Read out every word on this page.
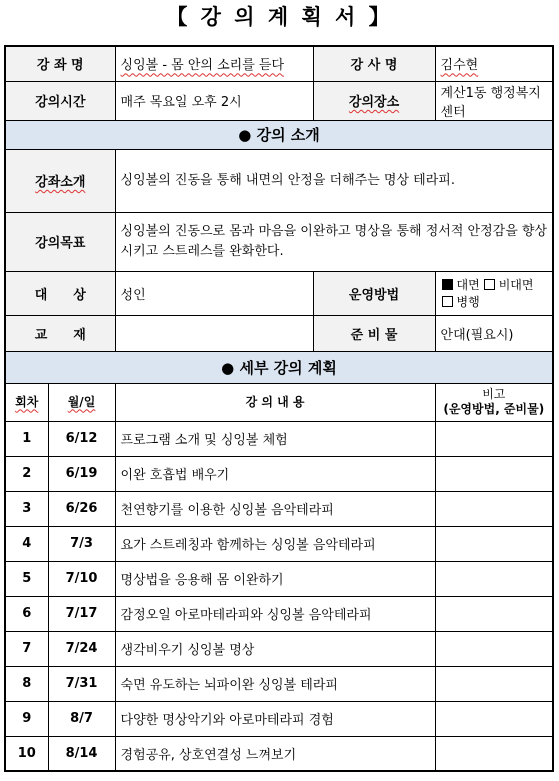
【 강 의 계 획 서 】
강 좌 명		싱잉볼 - 몸 안의 소리를 듣다	강 사 명	김수현
강의시간		매주 목요일 오후 2시	강의장소	계산1동 행정복지센터
● 강의 소개				
강좌소개		싱잉볼의 진동을 통해 내면의 안정을 더해주는 명상 테라피.		
강의목표		싱잉볼의 진동으로 몸과 마음을 이완하고 명상을 통해 정서적 안정감을 향상시키고 스트레스를 완화한다.		
대　　상		성인	운영방법	대면 비대면병행
교　　재			준 비 물	안대(필요시)
● 세부 강의 계획				
회차	월/일	강 의 내 용		비고
(운영방법, 준비물)

1	6/12	프로그램 소개 및 싱잉볼 체험		
2	6/19	이완 호흡법 배우기		
3	6/26	천연향기를 이용한 싱잉볼 음악테라피		
4	7/3	요가 스트레칭과 함께하는 싱잉볼 음악테라피		
5	7/10	명상법을 응용해 몸 이완하기		
6	7/17	감정오일 아로마테라피와 싱잉볼 음악테라피		
7	7/24	생각비우기 싱잉볼 명상		
8	7/31	숙면 유도하는 뇌파이완 싱잉볼 테라피		
9	8/7	다양한 명상악기와 아로마테라피 경험		
10	8/14	경험공유, 상호연결성 느껴보기		
